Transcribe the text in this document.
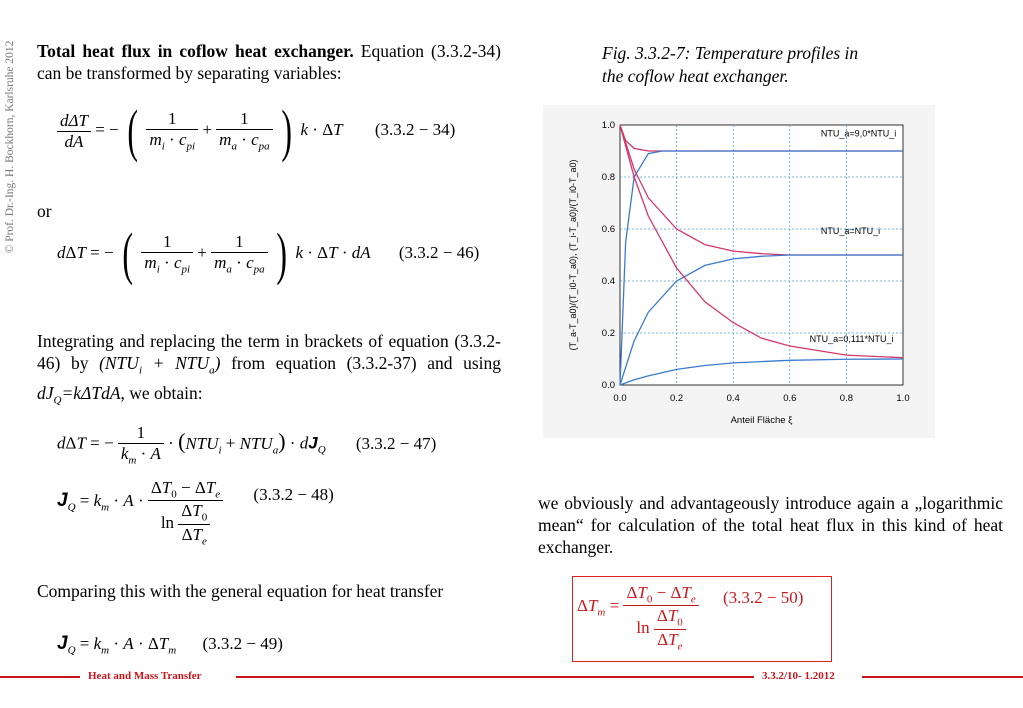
© Prof. Dr.-Ing. H. Bockhorn, Karlsruhe 2012 Total heat flux in coflow heat exchanger. Equation (3.3.2-34) can be transformed by separating variables:
$\frac{\text{dΔT}}{dA}$ = − ( $\frac{1}{m_i \cdot c_{pi}} + \frac{1}{m_a \cdot c_{pa}}$ ) k · ΔT (3.3.2 − 34)
or
dΔT = − ( $\frac{1}{m_i \cdot c_{pi}} + \frac{1}{m_a \cdot c_{pa}}$ ) k · ΔT · dA (3.3.2 − 46)
Integrating and replacing the term in brackets of equation (3.3.2-46) by $(NTU_i + NTU_a)$ from equation (3.3.2-37) and using $dJ_Q=k\Delta TdA$, we obtain:
dΔT = − $\frac{1}{k_m \cdot A} \cdot (NTU_i + NTU_a) \cdot dJ_Q$ (3.3.2 − 47)
$J_Q = k_m \cdot A \cdot \frac{\Delta T_0 - \Delta T_e}{\ln \frac{\Delta T_0}{\Delta T_e}} (3.3.2 - 48)$
Comparing this with the general equation for heat transfer
$J_Q = k_m \cdot A \cdot \Delta T_m$ (3.3.2 − 49)
Fig. 3.3.2-7: Temperature profiles in
the coflow heat exchanger.
0.0
0.0
0.2
0.2
0.4
0.4
0.6
0.6
0.8
0.8
1.0
1.0
Anteil Fläche ξ
(T_a-T_a0)/(T_i0-T_a0), (T_i-T_a0)/(T_i0-T_a0)
NTU_a=9,0*NTU_i
NTU_a=NTU_i
NTU_a=0,111*NTU_i
we obviously and advantageously introduce again a „logarithmic mean“ for calculation of the total heat flux in this kind of heat exchanger.
$\Delta T_m = \frac{\Delta T_0 - \Delta T_e}{\ln \frac{\Delta T_0}{\Delta T_e}} (3.3.2 - 50)$
Heat and Mass Transfer	3.3.2/10- 1.2012
